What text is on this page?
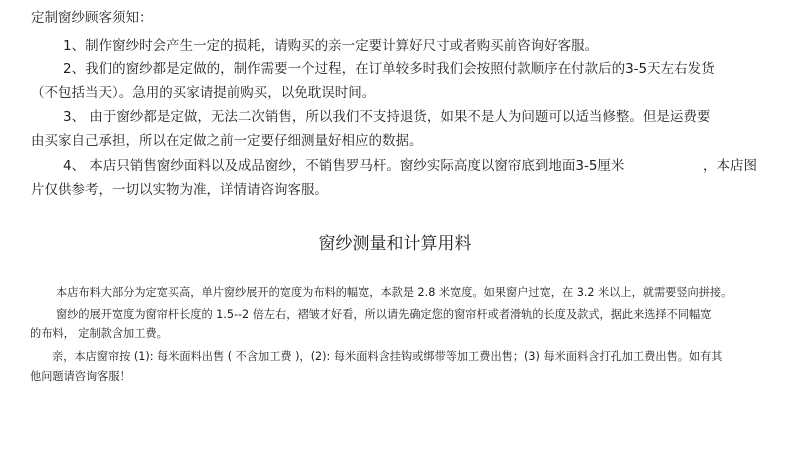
定制窗纱顾客须知：
1、制作窗纱时会产生一定的损耗，请购买的亲一定要计算好尺寸或者购买前咨询好客服。
2、我们的窗纱都是定做的，制作需要一个过程，在订单较多时我们会按照付款顺序在付款后的3-5天左右发货
（不包括当天）。急用的买家请提前购买，以免耽误时间。
3、 由于窗纱都是定做，无法二次销售，所以我们不支持退货，如果不是人为问题可以适当修整。但是运费要
由买家自己承担，所以在定做之前一定要仔细测量好相应的数据。
4、 本店只销售窗纱面料以及成品窗纱，不销售罗马杆。窗纱实际高度以窗帘底到地面3-5厘米	，本店图
片仅供参考，一切以实物为准，详情请咨询客服。
窗纱测量和计算用料
本店布料大部分为定宽买高，单片窗纱展开的宽度为布料的幅宽，本款是 2.8 米宽度。如果窗户过宽，在 3.2 米以上，就需要竖向拼接。
窗纱的展开宽度为窗帘杆长度的 1.5--2 倍左右，褶皱才好看，所以请先确定您的窗帘杆或者滑轨的长度及款式，据此来选择不同幅宽
的布料， 定制款含加工费。
亲，本店窗帘按 (1): 每米面料出售 ( 不含加工费 )，(2): 每米面料含挂钩或绑带等加工费出售；(3) 每米面料含打孔加工费出售。如有其
他问题请咨询客服！
